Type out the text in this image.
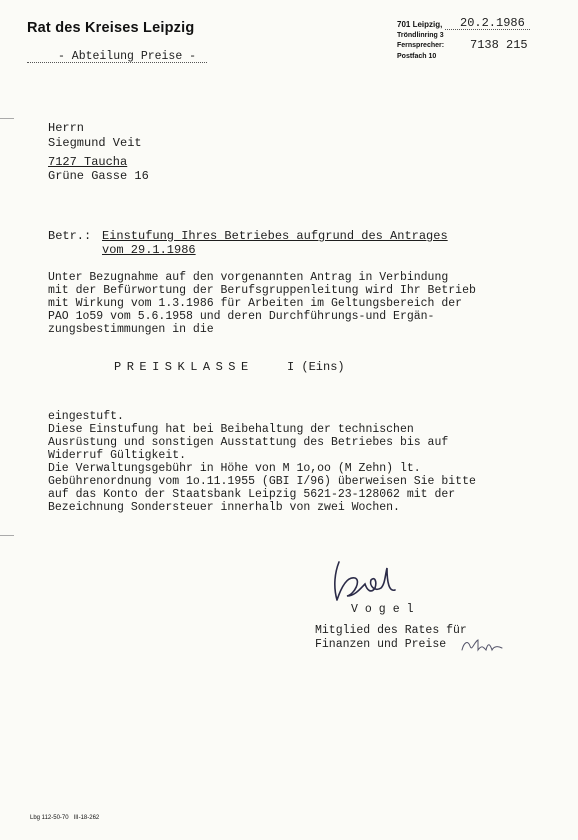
Rat des Kreises Leipzig
- Abteilung Preise -
701 Leipzig, 20.2.1986
Tröndlinring 3
Fernsprecher: 7138 215
Postfach 10
Herrn
Siegmund Veit
7127 Taucha
Grüne Gasse 16
Betr.: Einstufung Ihres Betriebes aufgrund des Antrages
vom 29.1.1986
Unter Bezugnahme auf den vorgenannten Antrag in Verbindung
mit der Befürwortung der Berufsgruppenleitung wird Ihr Betrieb
mit Wirkung vom 1.3.1986 für Arbeiten im Geltungsbereich der
PAO 1o59 vom 5.6.1958 und deren Durchführungs-und Ergän-
zungsbestimmungen in die
PREISKLASSE	I (Eins)
eingestuft.
Diese Einstufung hat bei Beibehaltung der technischen
Ausrüstung und sonstigen Ausstattung des Betriebes bis auf
Widerruf Gültigkeit.
Die Verwaltungsgebühr in Höhe von M 1o,oo (M Zehn) lt.
Gebührenordnung vom 1o.11.1955 (GBI I/96) überweisen Sie bitte
auf das Konto der Staatsbank Leipzig 5621-23-128062 mit der
Bezeichnung Sondersteuer innerhalb von zwei Wochen.
Vogel
Mitglied des Rates für
Finanzen und Preise
Lbg 112-50-70   III-18-262
